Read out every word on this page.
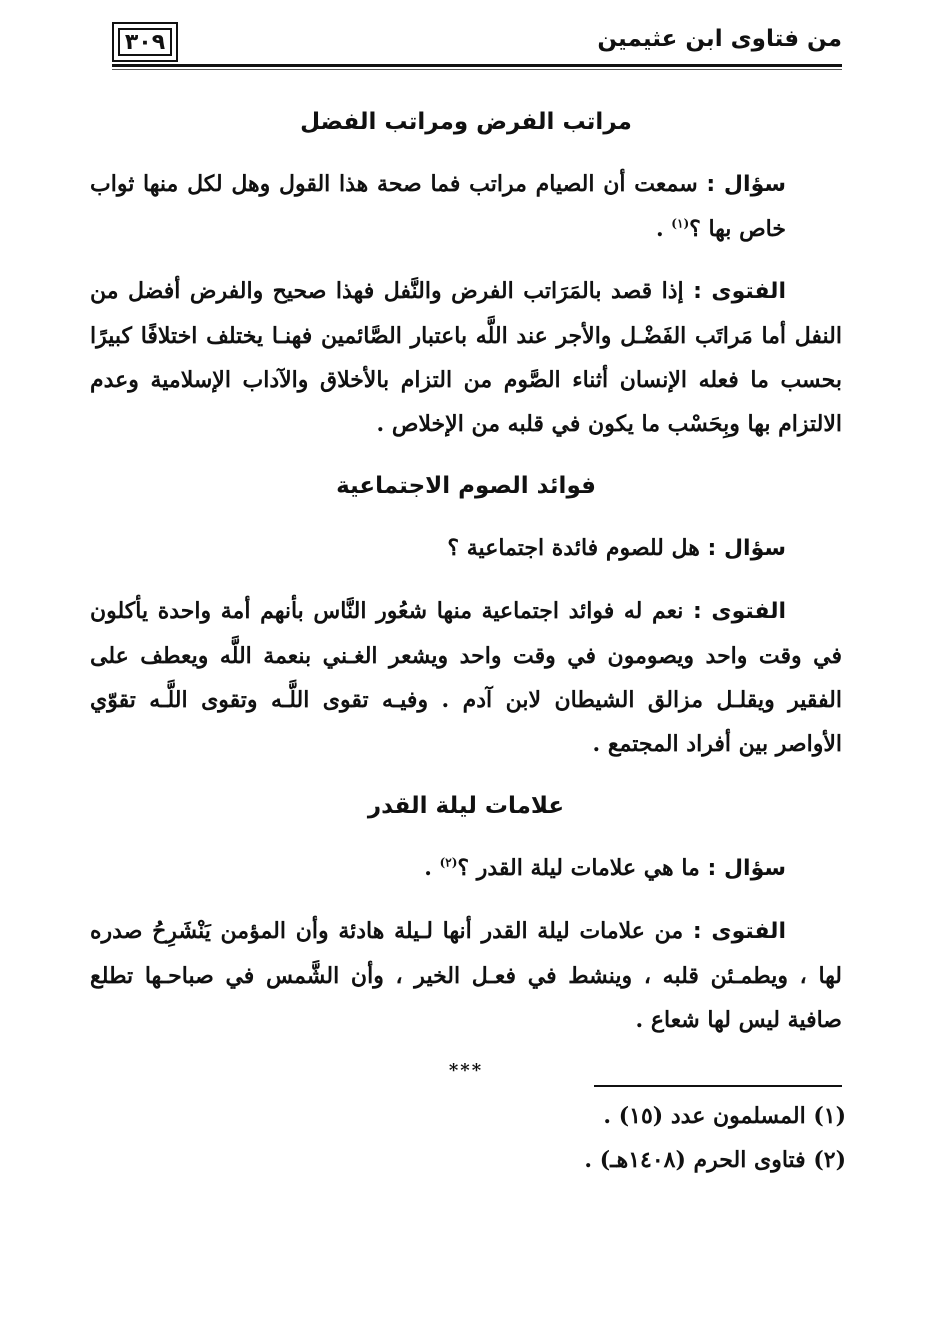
من فتاوى ابن عثيمين
٣٠٩
مراتب الفرض ومراتب الفضل

سؤال : سمعت أن الصيام مراتب فما صحة هذا القول وهل لكل منها ثواب خاص بها ؟$^{(١)}$ .

الفتوى : إذا قصد بالمَرَاتب الفرض والنَّفل فهذا صحيح والفرض أفضل من النفل أما مَراتَب الفَضْـل والأجر عند اللَّه باعتبار الصَّائمين فهنـا يختلف اختلافًا كبيرًا بحسب ما فعله الإنسان أثناء الصَّوم من التزام بالأخلاق والآداب الإسلامية وعدم الالتزام بها وبِحَسْب ما يكون في قلبه من الإخلاص .

فوائد الصوم الاجتماعية

سؤال : هل للصوم فائدة اجتماعية ؟

الفتوى : نعم له فوائد اجتماعية منها شعُور النَّاس بأنهم أمة واحدة يأكلون في وقت واحد ويصومون في وقت واحد ويشعر الغـني بنعمة اللَّه ويعطف على الفقير ويقلـل مزالق الشيطان لابن آدم . وفيـه تقوى اللَّـه وتقوى اللَّـه تقوّي الأواصر بين أفراد المجتمع .

علامات ليلة القدر

سؤال : ما هي علامات ليلة القدر ؟$^{(٢)}$ .

الفتوى : من علامات ليلة القدر أنها لـيلة هادئة وأن المؤمن يَنْشَرِحُ صدره لها ، ويطمـئن قلبه ، وينشط في فعـل الخير ، وأن الشَّمس في صباحـها تطلع صافية ليس لها شعاع .

***

(١) المسلمون عدد (١٥) .

(٢) فتاوى الحرم (١٤٠٨هـ) .
